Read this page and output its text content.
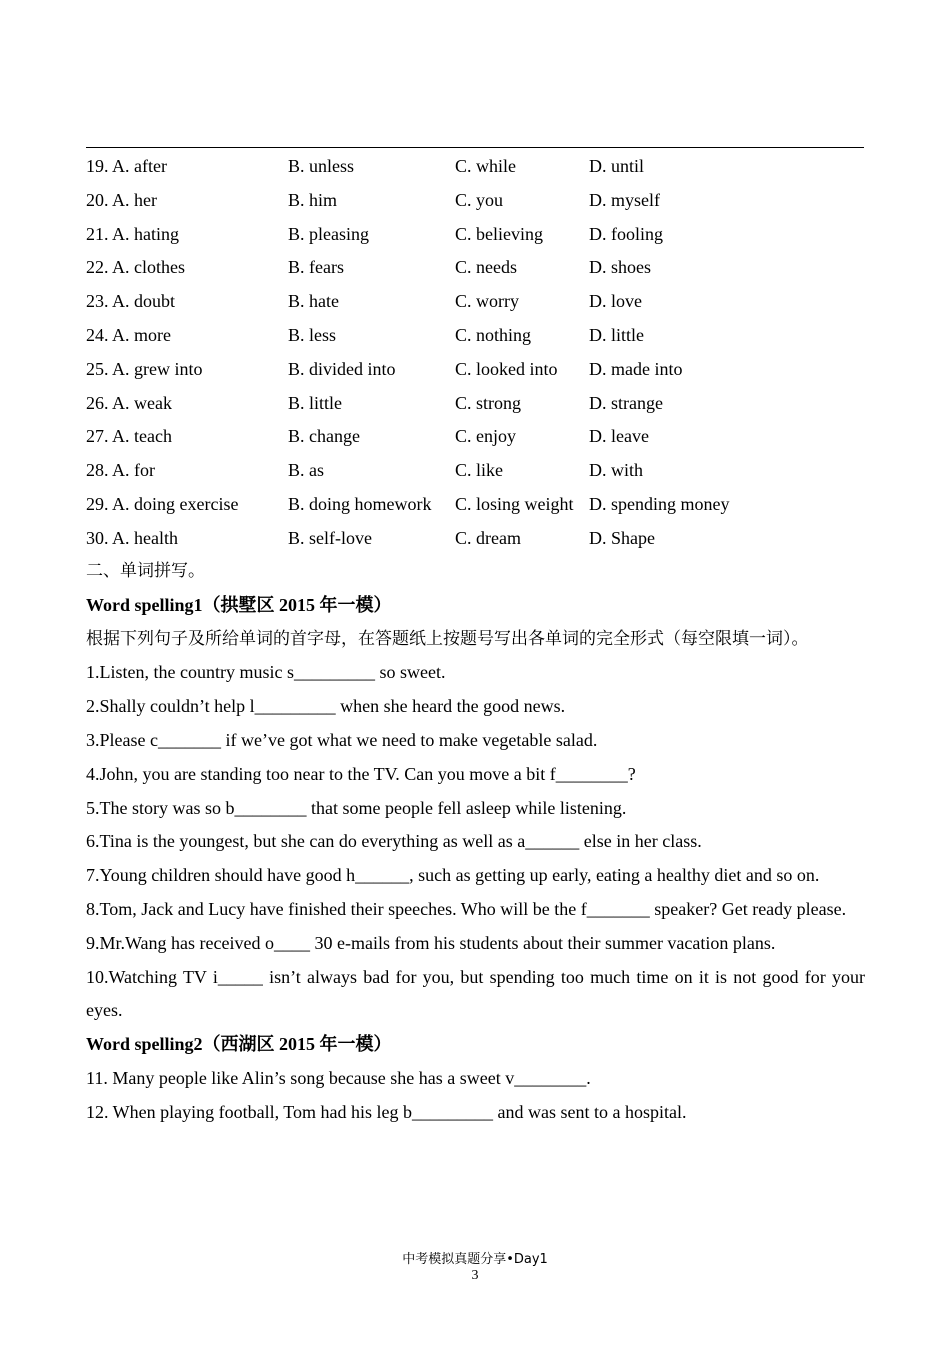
19. A. after	B. unless	C. while	D. until
20. A. her	B. him	C. you	D. myself
21. A. hating	B. pleasing	C. believing	D. fooling
22. A. clothes	B. fears	C. needs	D. shoes
23. A. doubt	B. hate	C. worry	D. love
24. A. more	B. less	C. nothing	D. little
25. A. grew into	B. divided into	C. looked into D. made into
26. A. weak	B. little	C. strong	D. strange
27. A. teach	B. change	C. enjoy	D. leave
28. A. for	B. as	C. like	D. with
29. A. doing exercise	B. doing homework C. losing weight D. spending money
30. A. health	B. self-love	C. dream	D. Shape
二、单词拼写。
Word spelling1（拱墅区 2015 年一模）
根据下列句子及所给单词的首字母，在答题纸上按题号写出各单词的完全形式（每空限填一词）。
1.Listen, the country music s_________ so sweet.
2.Shally couldn’t help l_________ when she heard the good news.
3.Please c_______ if we’ve got what we need to make vegetable salad.
4.John, you are standing too near to the TV. Can you move a bit f________?
5.The story was so b________ that some people fell asleep while listening.
6.Tina is the youngest, but she can do everything as well as a______ else in her class.
7.Young children should have good h______, such as getting up early, eating a healthy diet and so on.
8.Tom, Jack and Lucy have finished their speeches. Who will be the f_______ speaker? Get ready please.
9.Mr.Wang has received o____ 30 e-mails from his students about their summer vacation plans.
10.Watching TV i_____ isn’t always bad for you, but spending too much time on it is not good for your eyes.
Word spelling2（西湖区 2015 年一模）
11. Many people like Alin’s song because she has a sweet v________.
12. When playing football, Tom had his leg b_________ and was sent to a hospital.
中考模拟真题分享•Day1
3
